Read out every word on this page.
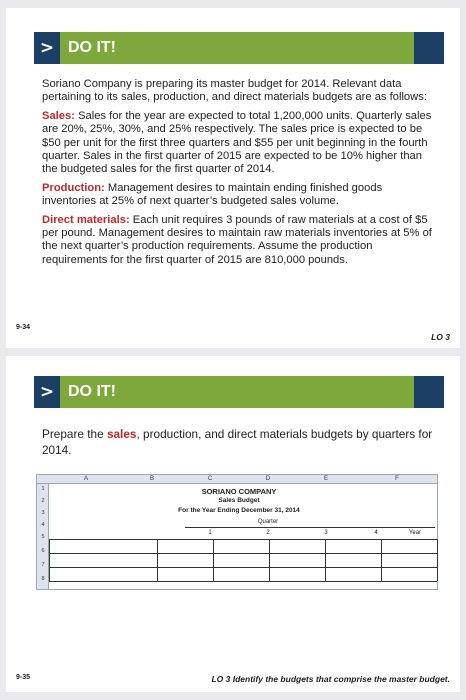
> DO IT!

Soriano Company is preparing its master budget for 2014. Relevant data pertaining to its sales, production, and direct materials budgets are as follows:

Sales: Sales for the year are expected to total 1,200,000 units. Quarterly sales are 20%, 25%, 30%, and 25% respectively. The sales price is expected to be $50 per unit for the first three quarters and $55 per unit beginning in the fourth quarter. Sales in the first quarter of 2015 are expected to be 10% higher than the budgeted sales for the first quarter of 2014.

Production: Management desires to maintain ending finished goods inventories at 25% of next quarter’s budgeted sales volume.

Direct materials: Each unit requires 3 pounds of raw materials at a cost of $5 per pound. Management desires to maintain raw materials inventories at 5% of the next quarter’s production requirements. Assume the production requirements for the first quarter of 2015 are 810,000 pounds.

9-34
LO 3
> DO IT!
Prepare the sales, production, and direct materials budgets by quarters for 2014.
A	B	C	D	E	F
1
2
3
4
5
6
7
8
SORIANO COMPANY
Sales Budget
For the Year Ending December 31, 2014
Quarter
1	2	3	4	Year
9-35	LO 3 Identify the budgets that comprise the master budget.
